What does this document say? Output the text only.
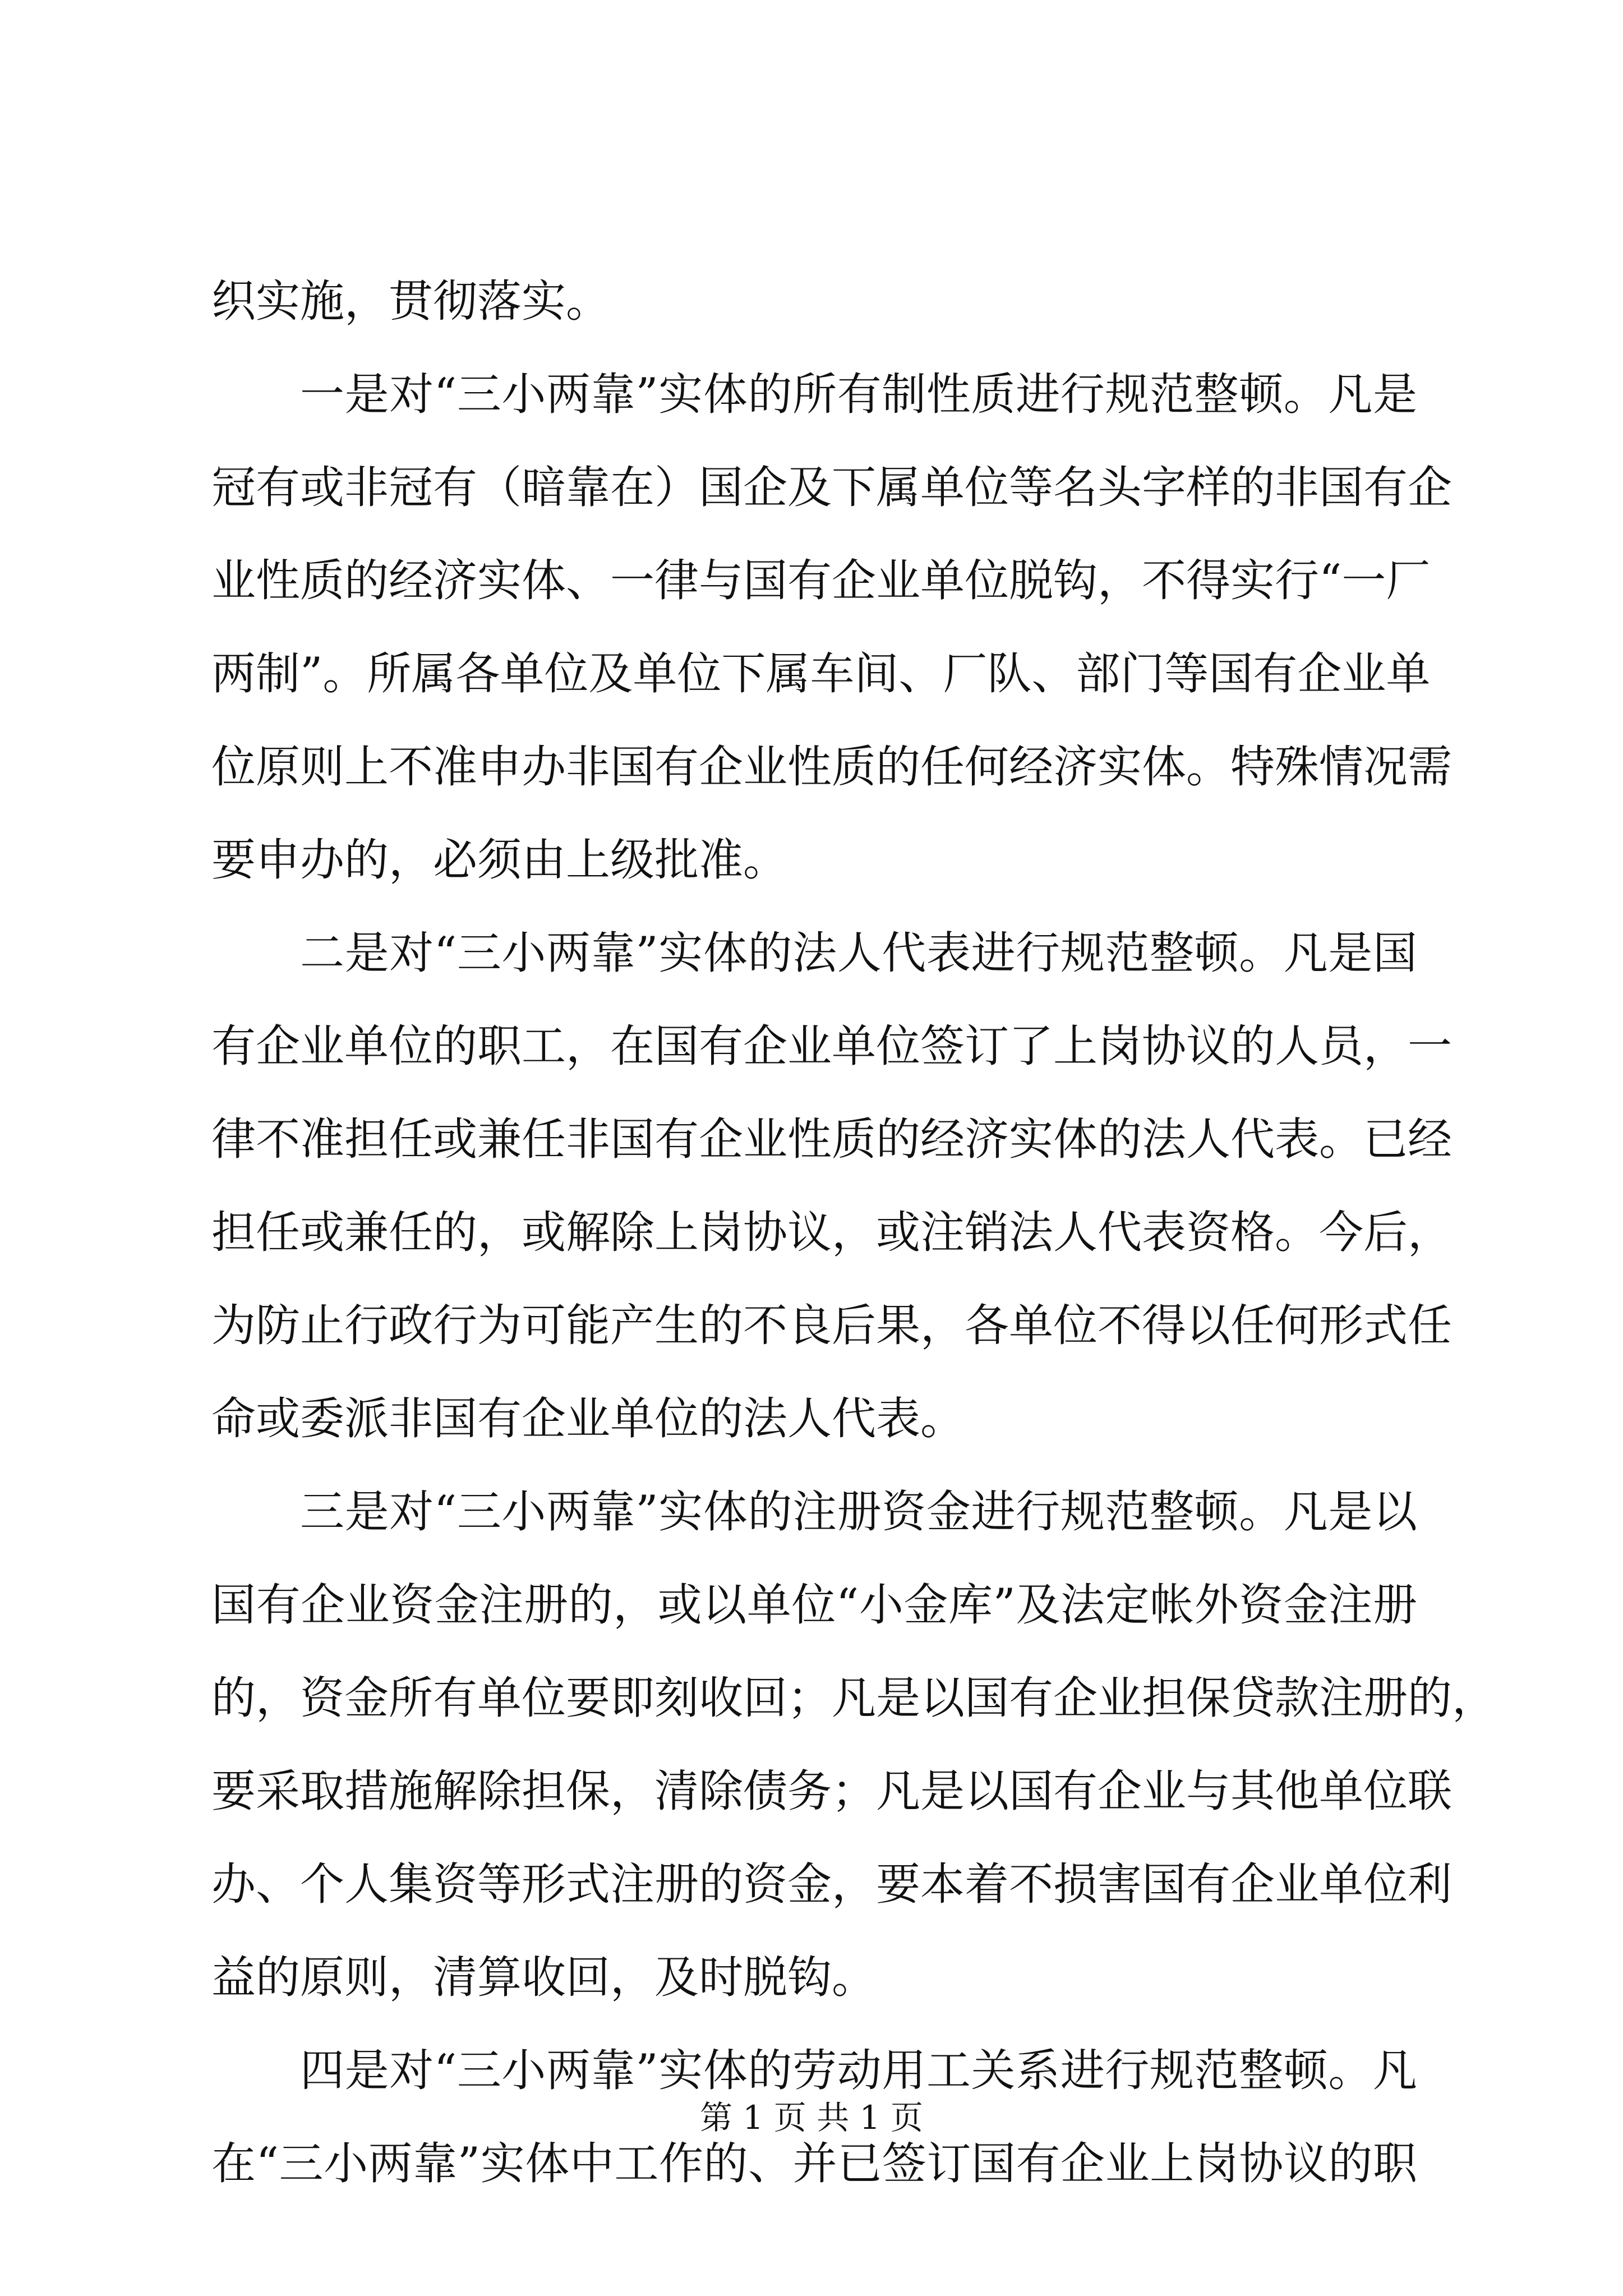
织实施，贯彻落实。
一是对“三小两靠”实体的所有制性质进行规范整顿。凡是
冠有或非冠有（暗靠在）国企及下属单位等名头字样的非国有企
业性质的经济实体、一律与国有企业单位脱钩，不得实行“一厂
两制”。所属各单位及单位下属车间、厂队、部门等国有企业单
位原则上不准申办非国有企业性质的任何经济实体。特殊情况需
要申办的，必须由上级批准。
二是对“三小两靠”实体的法人代表进行规范整顿。凡是国
有企业单位的职工，在国有企业单位签订了上岗协议的人员，一
律不准担任或兼任非国有企业性质的经济实体的法人代表。已经
担任或兼任的，或解除上岗协议，或注销法人代表资格。今后，
为防止行政行为可能产生的不良后果，各单位不得以任何形式任
命或委派非国有企业单位的法人代表。
三是对“三小两靠”实体的注册资金进行规范整顿。凡是以
国有企业资金注册的，或以单位“小金库”及法定帐外资金注册
的，资金所有单位要即刻收回；凡是以国有企业担保贷款注册的，
要采取措施解除担保，清除债务；凡是以国有企业与其他单位联
办、个人集资等形式注册的资金，要本着不损害国有企业单位利
益的原则，清算收回，及时脱钩。
四是对“三小两靠”实体的劳动用工关系进行规范整顿。凡
在“三小两靠”实体中工作的、并已签订国有企业上岗协议的职
第 1 页 共 1 页
